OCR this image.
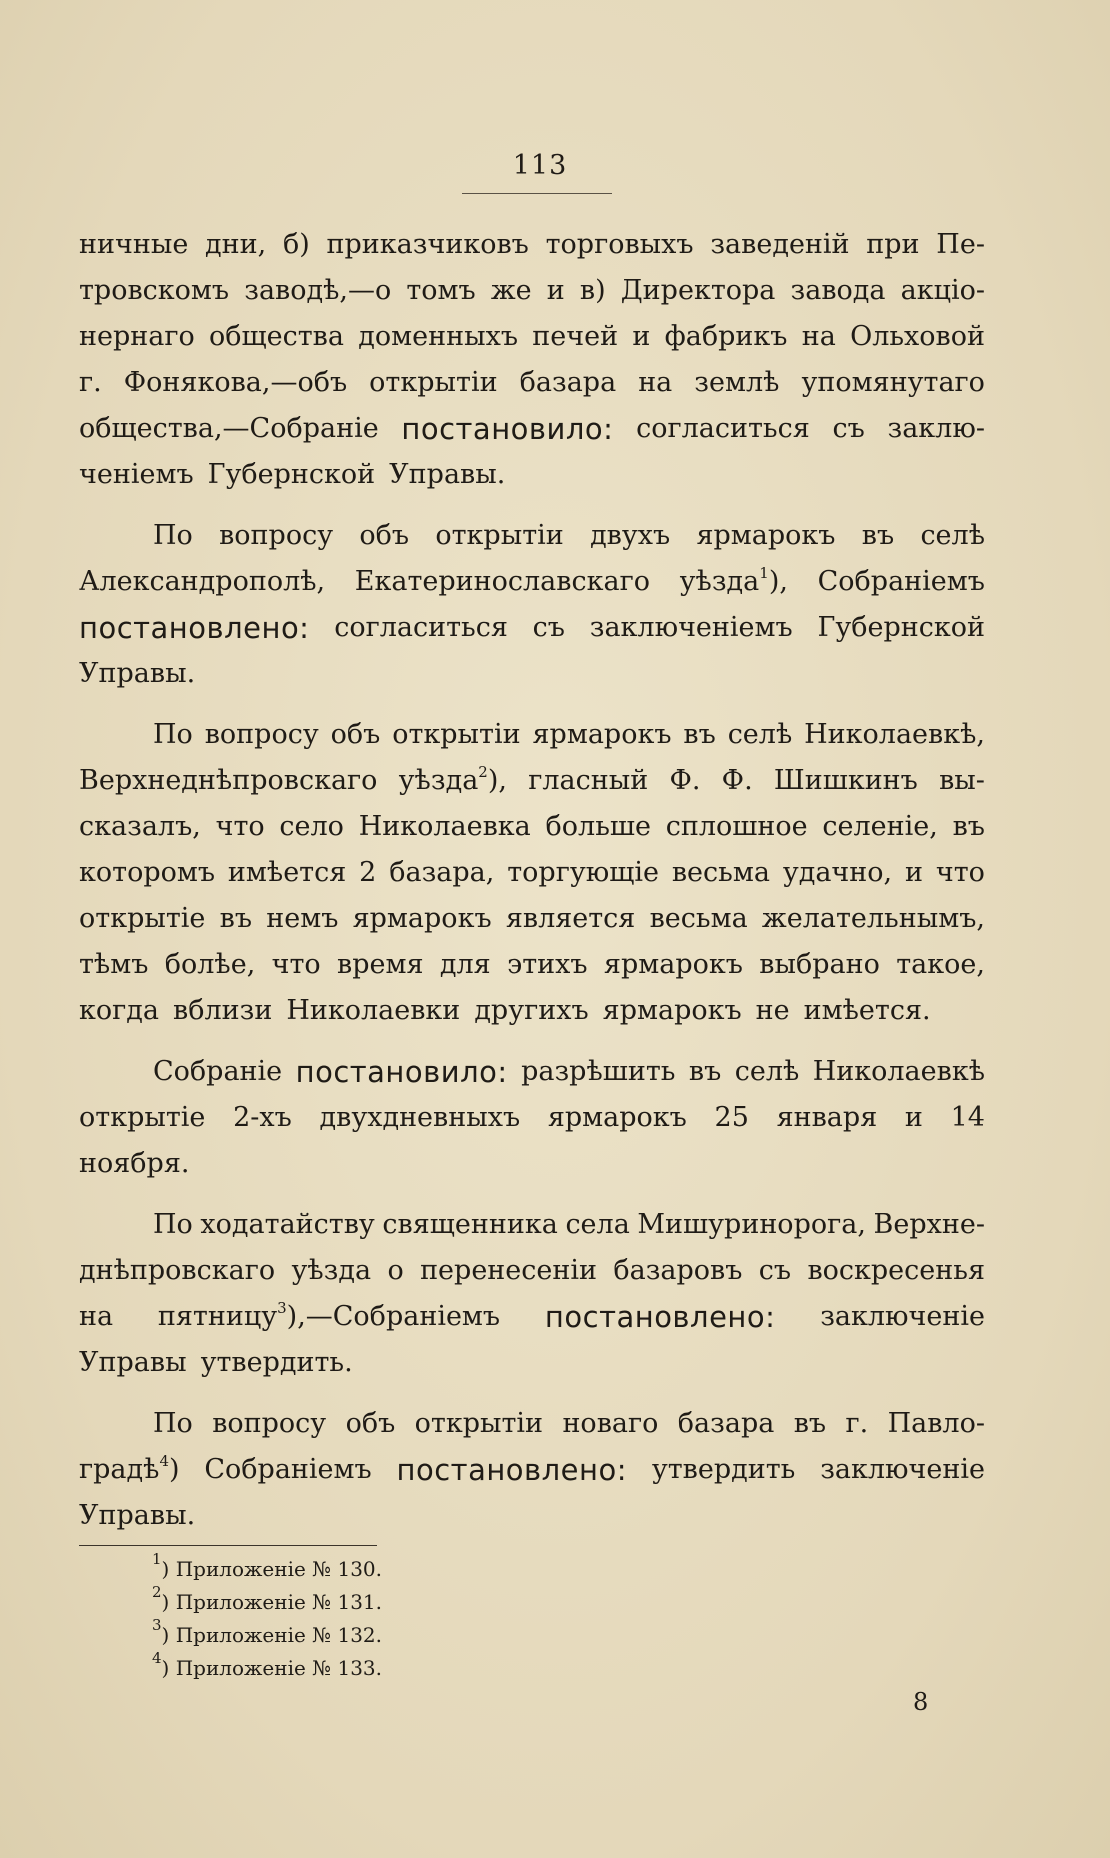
113
ничные дни, б) приказчиковъ торговыхъ заведеній при Пе-
тровскомъ заводѣ,—о томъ же и в) Директора завода акціо-
нернаго общества доменныхъ печей и фабрикъ на Ольховой
г. Фонякова,—объ открытіи базара на землѣ упомянутаго
общества,—Собраніе постановило: согласиться съ заклю-
ченіемъ Губернской Управы.
По вопросу объ открытіи двухъ ярмарокъ въ селѣ
Александрополѣ, Екатеринославскаго уѣзда$^1$), Собраніемъ
постановлено: согласиться съ заключеніемъ Губернской
Управы.
По вопросу объ открытіи ярмарокъ въ селѣ Николаевкѣ,
Верхнеднѣпровскаго уѣзда$^2$), гласный Ф. Ф. Шишкинъ вы-
сказалъ, что село Николаевка больше сплошное селеніе, въ
которомъ имѣется 2 базара, торгующіе весьма удачно, и что
открытіе въ немъ ярмарокъ является весьма желательнымъ,
тѣмъ болѣе, что время для этихъ ярмарокъ выбрано такое,
когда вблизи Николаевки другихъ ярмарокъ не имѣется.
Собраніе постановило: разрѣшить въ селѣ Николаевкѣ
открытіе 2-хъ двухдневныхъ ярмарокъ 25 января и 14
ноября.
По ходатайству священника села Мишуринорога, Верхне-
днѣпровскаго уѣзда о перенесеніи базаровъ съ воскресенья
на пятницу$^3$),—Собраніемъ постановлено: заключеніе
Управы утвердить.
По вопросу объ открытіи новаго базара въ г. Павло-
градѣ$^4$) Собраніемъ постановлено: утвердить заключеніе
Управы.
$^1$) Приложеніе № 130.
$^2$) Приложеніе № 131.
$^3$) Приложеніе № 132.
$^4$) Приложеніе № 133.
8
